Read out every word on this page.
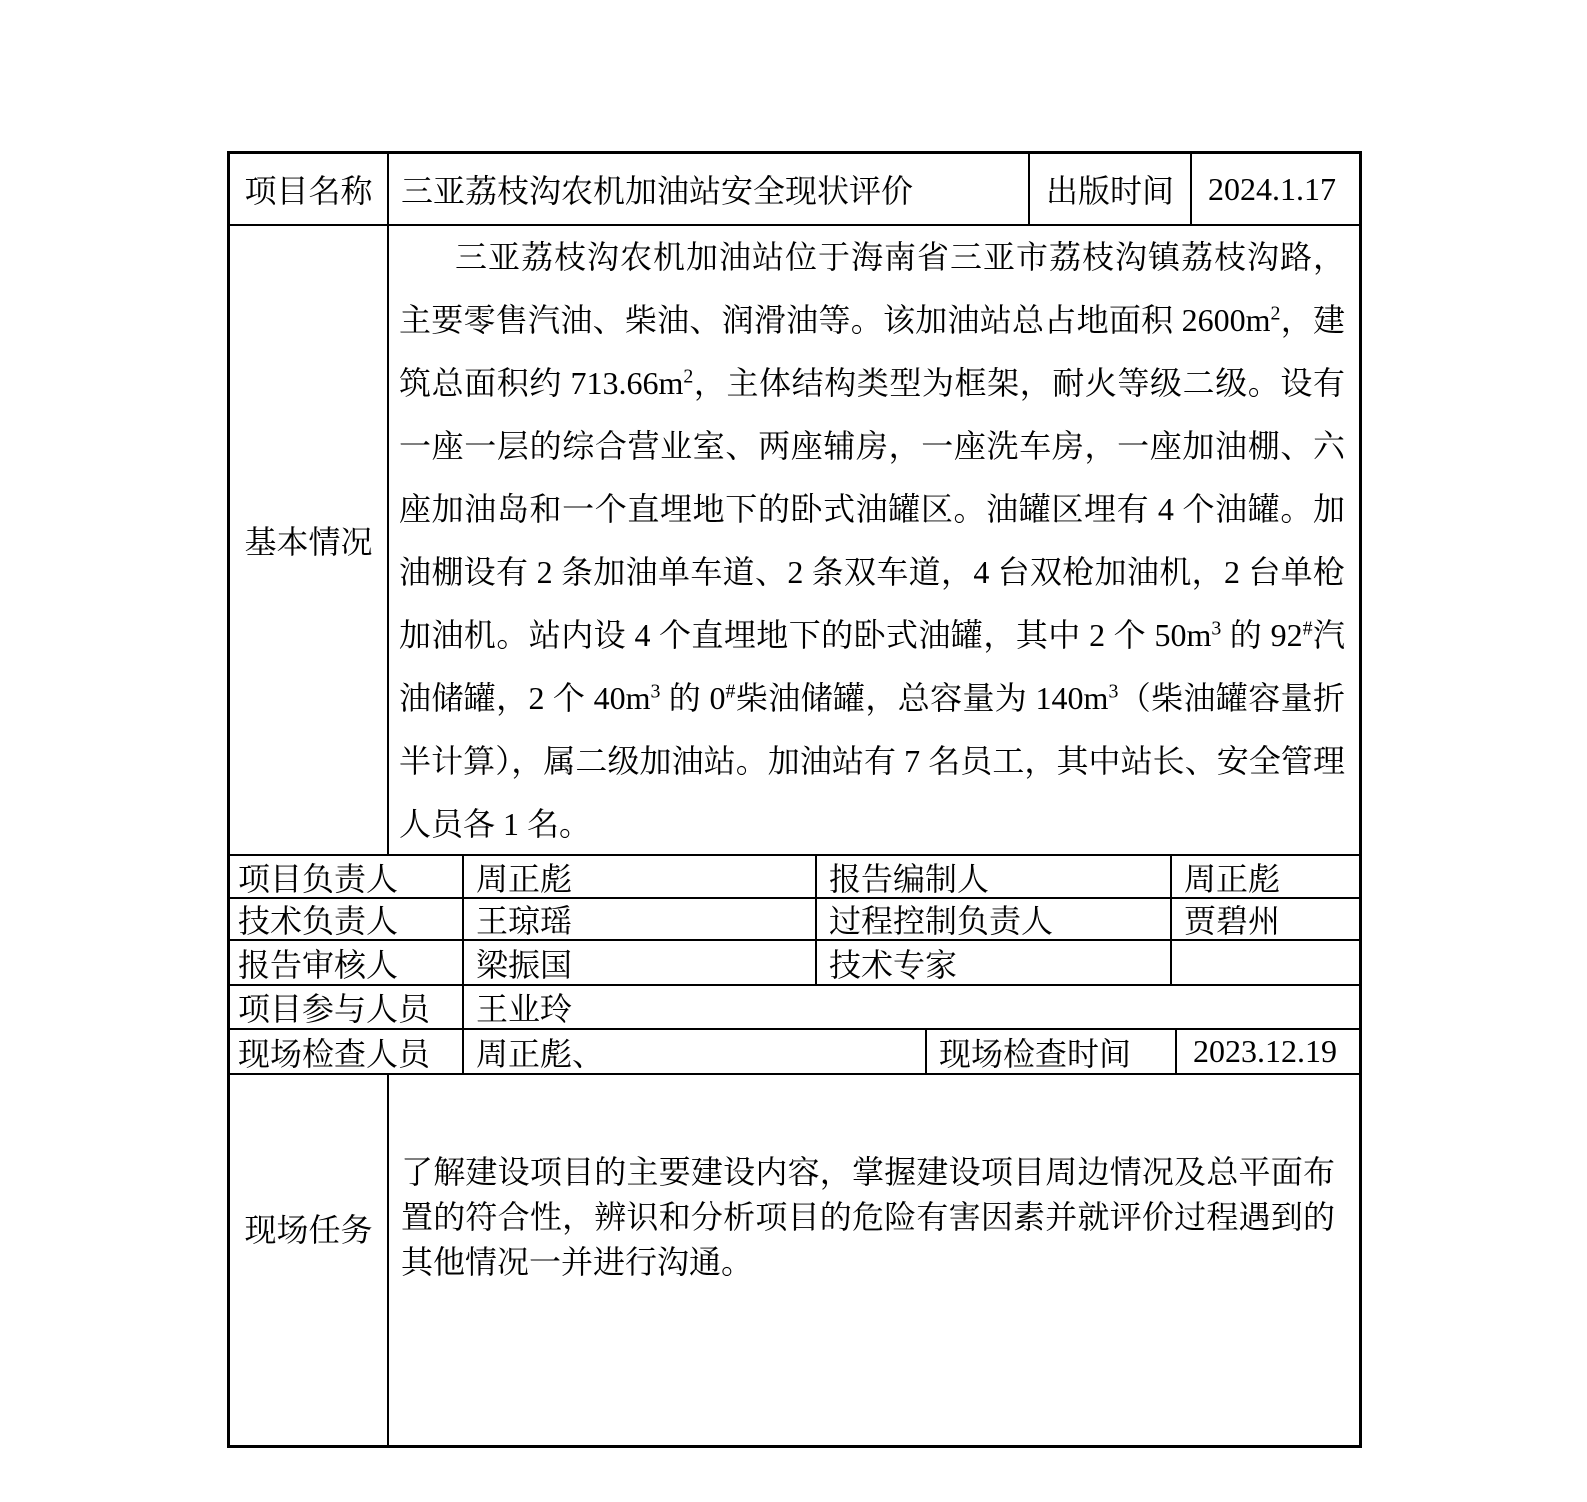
项目名称 三亚荔枝沟农机加油站安全现状评价	出版时间	2024.1.17
基本情况
三亚荔枝沟农机加油站位于海南省三亚市荔枝沟镇荔枝沟路，主要零售汽油、柴油、润滑油等。该加油站总占地面积 $2600m^2$，建筑总面积约 $713.66m^2$，主体结构类型为框架，耐火等级二级。设有一座一层的综合营业室、两座辅房，一座洗车房，一座加油棚、六座加油岛和一个直埋地下的卧式油罐区。油罐区埋有 4 个油罐。加油棚设有 2 条加油单车道、2 条双车道，4 台双枪加油机，2 台单枪加油机。站内设 4 个直埋地下的卧式油罐，其中 2 个 $50m^3$ 的 92#汽油储罐，2 个 $40m^3$ 的 0#柴油储罐，总容量为 $140m^3$（柴油罐容量折半计算），属二级加油站。加油站有 7 名员工，其中站长、安全管理人员各 1 名。
项目负责人	周正彪	报告编制人	周正彪
技术负责人	王琼瑶	过程控制负责人	贾碧州
报告审核人	梁振国	技术专家
项目参与人员	王业玲
现场检查人员	周正彪、	现场检查时间	2023.12.19
现场任务
了解建设项目的主要建设内容，掌握建设项目周边情况及总平面布置的符合性，辨识和分析项目的危险有害因素并就评价过程遇到的其他情况一并进行沟通。
